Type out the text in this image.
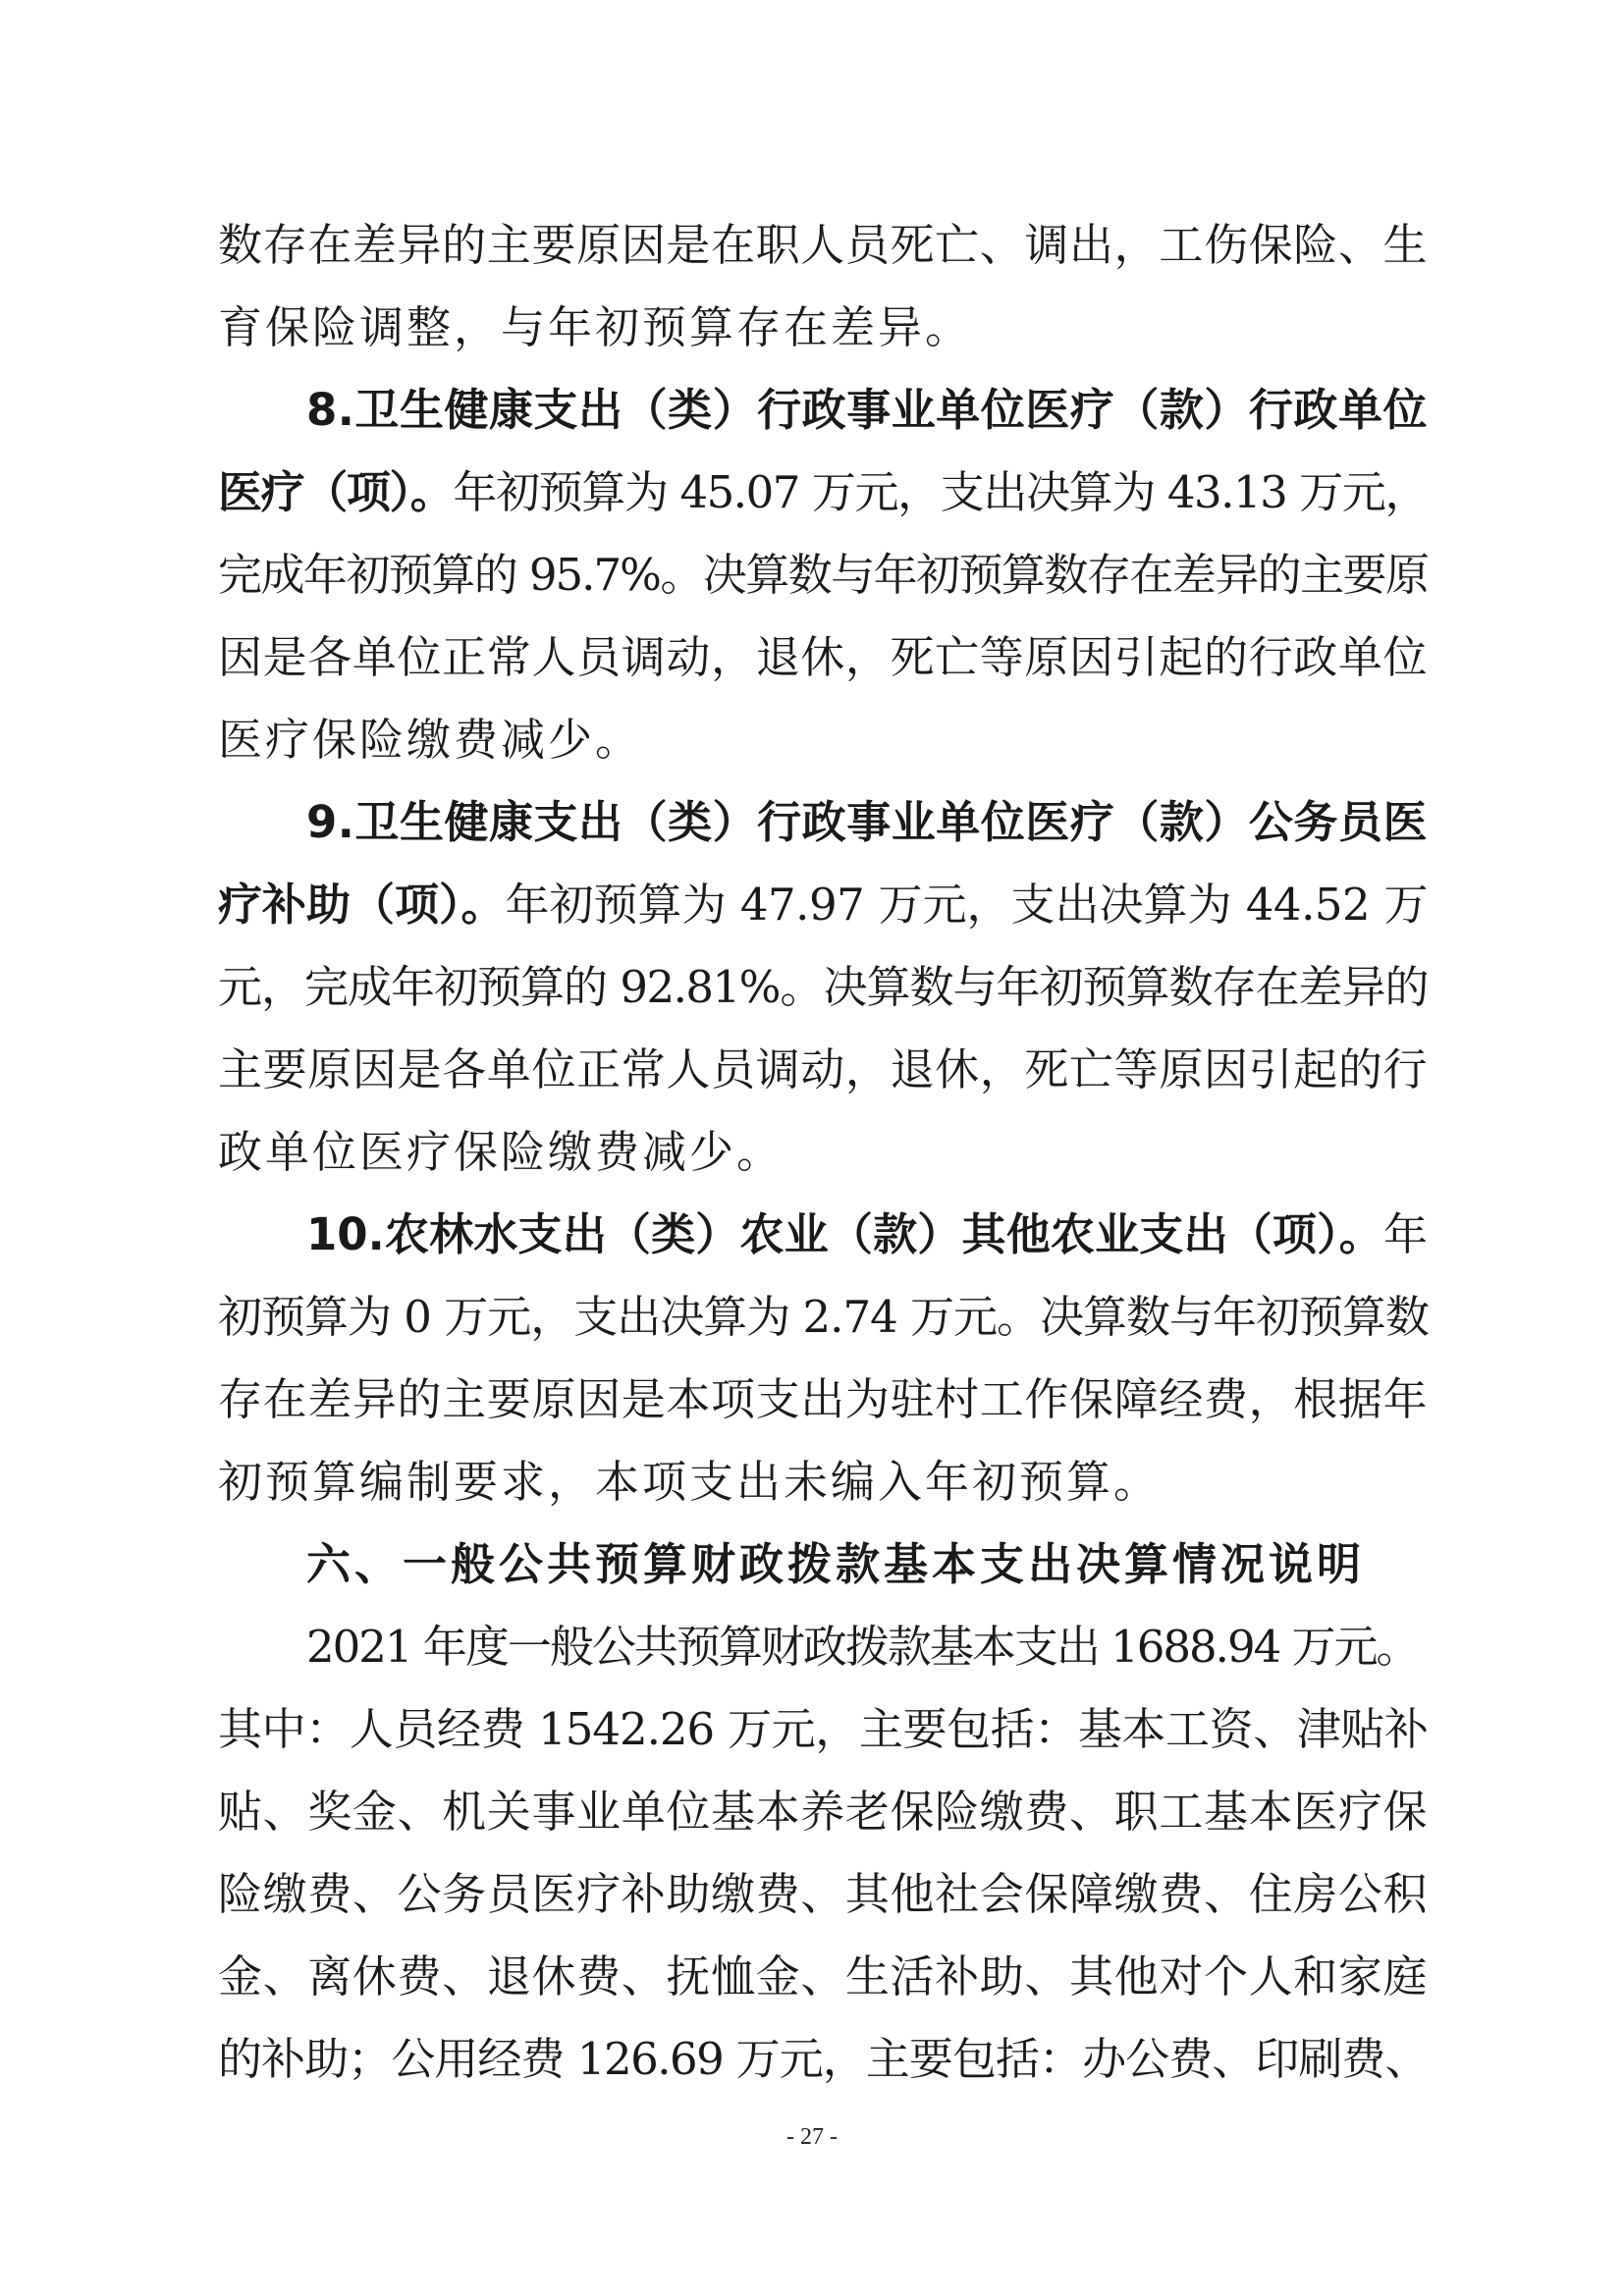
数存在差异的主要原因是在职人员死亡、调出，工伤保险、生
育保险调整，与年初预算存在差异。
8.卫生健康支出（类）行政事业单位医疗（款）行政单位
医疗（项）。年初预算为 45.07 万元，支出决算为 43.13 万元，
完成年初预算的 95.7%。决算数与年初预算数存在差异的主要原
因是各单位正常人员调动，退休，死亡等原因引起的行政单位
医疗保险缴费减少。
9.卫生健康支出（类）行政事业单位医疗（款）公务员医
疗补助（项）。年初预算为 47.97 万元，支出决算为 44.52 万
元，完成年初预算的 92.81%。决算数与年初预算数存在差异的
主要原因是各单位正常人员调动，退休，死亡等原因引起的行
政单位医疗保险缴费减少。
10.农林水支出（类）农业（款）其他农业支出（项）。年
初预算为 0 万元，支出决算为 2.74 万元。决算数与年初预算数
存在差异的主要原因是本项支出为驻村工作保障经费，根据年
初预算编制要求，本项支出未编入年初预算。
六、一般公共预算财政拨款基本支出决算情况说明
2021 年度一般公共预算财政拨款基本支出 1688.94 万元。
其中：人员经费 1542.26 万元，主要包括：基本工资、津贴补
贴、奖金、机关事业单位基本养老保险缴费、职工基本医疗保
险缴费、公务员医疗补助缴费、其他社会保障缴费、住房公积
金、离休费、退休费、抚恤金、生活补助、其他对个人和家庭
的补助；公用经费 126.69 万元，主要包括：办公费、印刷费、
- 27 -
